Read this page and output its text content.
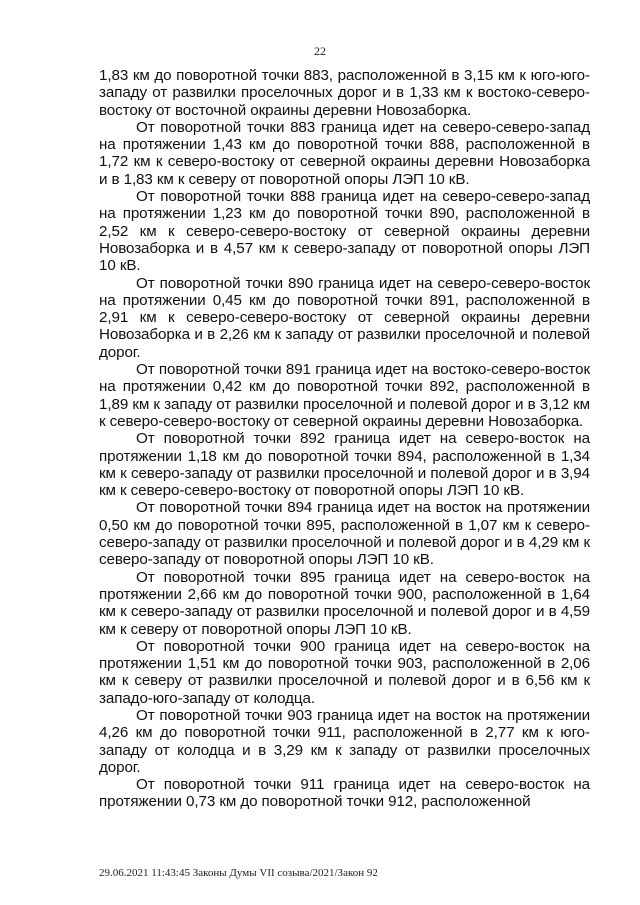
22

1,83 км до поворотной точки 883, расположенной в 3,15 км к юго-юго-западу от развилки проселочных дорог и в 1,33 км к востоко-северо-востоку от восточной окраины деревни Новозаборка.

От поворотной точки 883 граница идет на северо-северо-запад на протяжении 1,43 км до поворотной точки 888, расположенной в 1,72 км к северо-востоку от северной окраины деревни Новозаборка и в 1,83 км к северу от поворотной опоры ЛЭП 10 кВ.

От поворотной точки 888 граница идет на северо-северо-запад на протяжении 1,23 км до поворотной точки 890, расположенной в 2,52 км к северо-северо-востоку от северной окраины деревни Новозаборка и в 4,57 км к северо-западу от поворотной опоры ЛЭП 10 кВ.

От поворотной точки 890 граница идет на северо-северо-восток на протяжении 0,45 км до поворотной точки 891, расположенной в 2,91 км к северо-северо-востоку от северной окраины деревни Новозаборка и в 2,26 км к западу от развилки проселочной и полевой дорог.

От поворотной точки 891 граница идет на востоко-северо-восток на протяжении 0,42 км до поворотной точки 892, расположенной в 1,89 км к западу от развилки проселочной и полевой дорог и в 3,12 км к северо-северо-востоку от северной окраины деревни Новозаборка.

От поворотной точки 892 граница идет на северо-восток на протяжении 1,18 км до поворотной точки 894, расположенной в 1,34 км к северо-западу от развилки проселочной и полевой дорог и в 3,94 км к северо-северо-востоку от поворотной опоры ЛЭП 10 кВ.

От поворотной точки 894 граница идет на восток на протяжении 0,50 км до поворотной точки 895, расположенной в 1,07 км к северо-северо-западу от развилки проселочной и полевой дорог и в 4,29 км к северо-западу от поворотной опоры ЛЭП 10 кВ.

От поворотной точки 895 граница идет на северо-восток на протяжении 2,66 км до поворотной точки 900, расположенной в 1,64 км к северо-западу от развилки проселочной и полевой дорог и в 4,59 км к северу от поворотной опоры ЛЭП 10 кВ.

От поворотной точки 900 граница идет на северо-восток на протяжении 1,51 км до поворотной точки 903, расположенной в 2,06 км к северу от развилки проселочной и полевой дорог и в 6,56 км к западо-юго-западу от колодца.

От поворотной точки 903 граница идет на восток на протяжении 4,26 км до поворотной точки 911, расположенной в 2,77 км к юго-западу от колодца и в 3,29 км к западу от развилки проселочных дорог.

От поворотной точки 911 граница идет на северо-восток на протяжении 0,73 км до поворотной точки 912, расположенной

29.06.2021 11:43:45 Законы Думы VII созыва/2021/Закон 92
